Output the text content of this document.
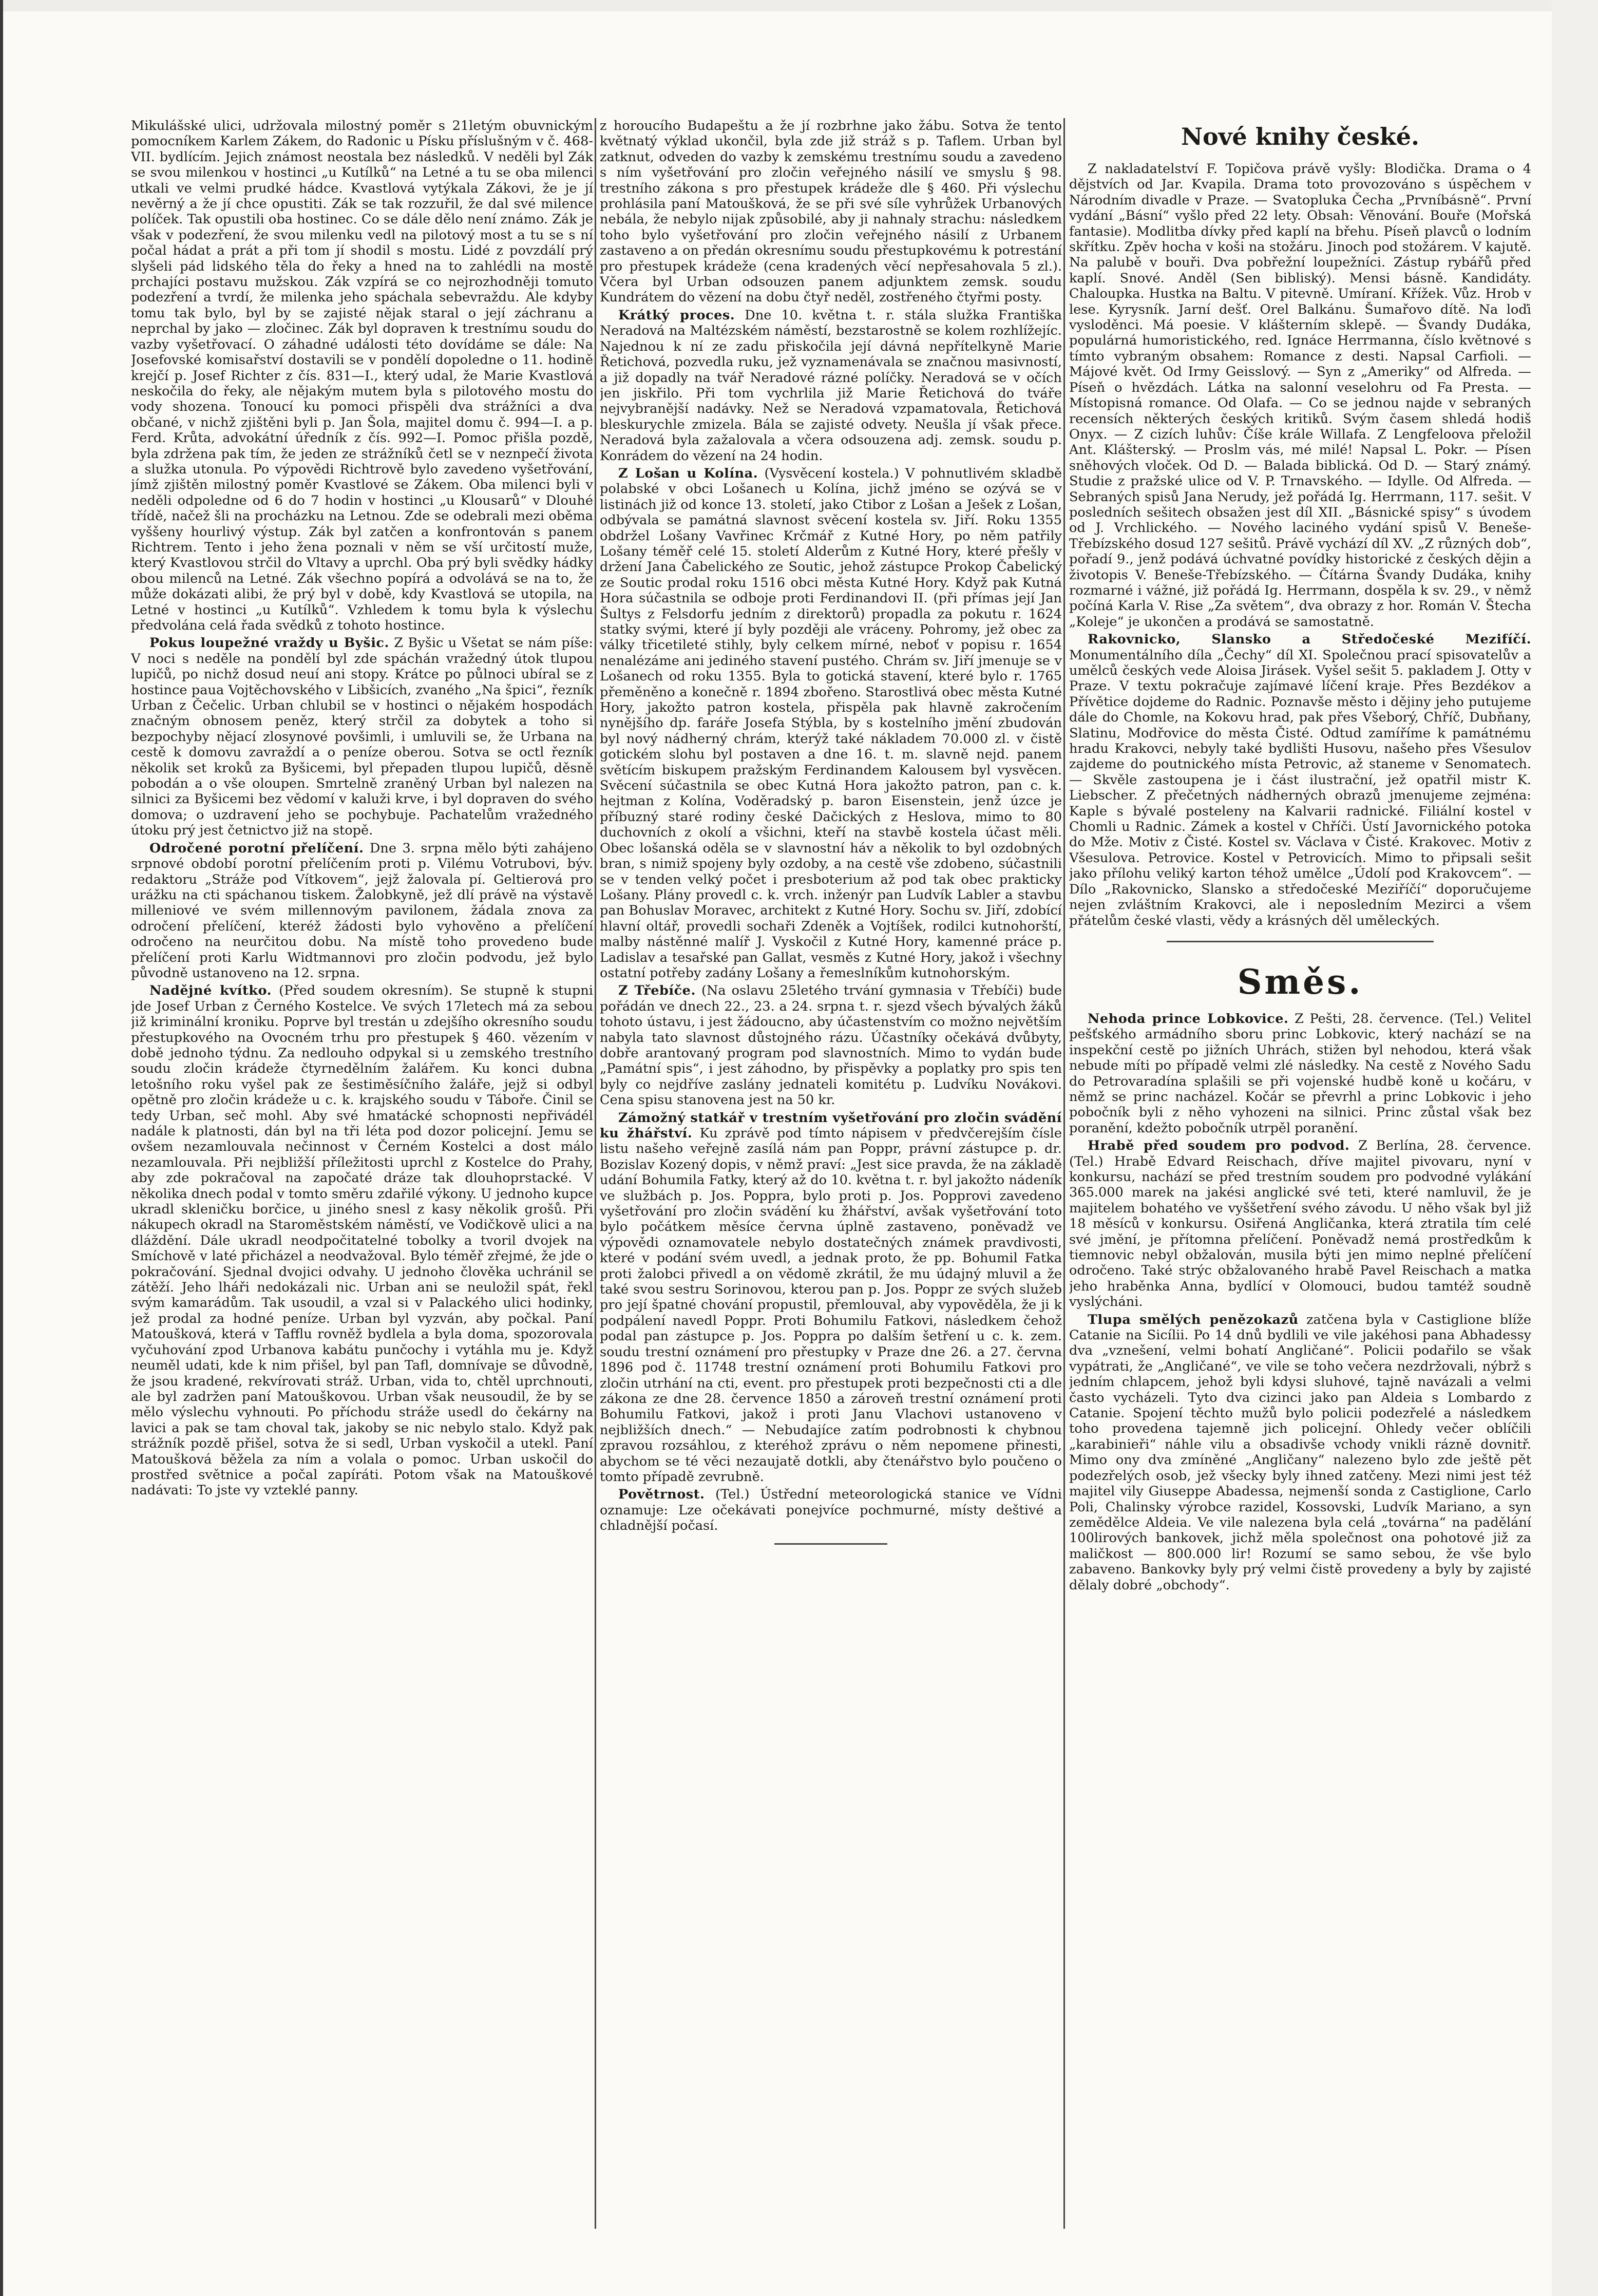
Mikulášské ulici, udržovala milostný poměr s 21letým obuvnickým pomocníkem Karlem Zákem, do Radonic u Písku příslušným v č. 468-VII. bydlícím. Jejich známost neostala bez následků. V neděli byl Zák se svou milenkou v hostinci „u Kutílků“ na Letné a tu se oba milenci utkali ve velmi prudké hádce. Kvastlová vytýkala Zákovi, že je jí nevěrný a že jí chce opustiti. Zák se tak rozzuřil, že dal své milence políček. Tak opustili oba hostinec. Co se dále dělo není známo. Zák je však v podezření, že svou milenku vedl na pilotový most a tu se s ní počal hádat a prát a při tom jí shodil s mostu. Lidé z povzdálí prý slyšeli pád lidského těla do řeky a hned na to zahlédli na mostě prchajíci postavu mužskou. Zák vzpírá se co nejrozhodněji tomuto podezření a tvrdí, že milenka jeho spáchala sebevraždu. Ale kdyby tomu tak bylo, byl by se zajisté nějak staral o její záchranu a neprchal by jako — zločinec. Zák byl dopraven k trestnímu soudu do vazby vyšetřovací. O záhadné události této dovídáme se dále: Na Josefovské komisařství dostavili se v pondělí dopoledne o 11. hodině krejčí p. Josef Richter z čís. 831—I., který udal, že Marie Kvastlová neskočila do řeky, ale nějakým mutem byla s pilotového mostu do vody shozena. Tonoucí ku pomoci přispěli dva strážníci a dva občané, v nichž zjištěni byli p. Jan Šola, majitel domu č. 994—I. a p. Ferd. Krůta, advokátní úředník z čís. 992—I. Pomoc přišla pozdě, byla zdržena pak tím, že jeden ze strážníků četl se v neznpečí života a služka utonula. Po výpovědi Richtrově bylo zavedeno vyšetřování, jímž zjištěn milostný poměr Kvastlové se Zákem. Oba milenci byli v neděli odpoledne od 6 do 7 hodin v hostinci „u Klousarů“ v Dlouhé třídě, načež šli na procházku na Letnou. Zde se odebrali mezi oběma vyššeny hourlivý výstup. Zák byl zatčen a konfrontován s panem Richtrem. Tento i jeho žena poznali v něm se vší určitostí muže, který Kvastlovou strčil do Vltavy a uprchl. Oba prý byli svědky hádky obou milenců na Letné. Zák všechno popírá a odvolává se na to, že může dokázati alibi, že prý byl v době, kdy Kvastlová se utopila, na Letné v hostinci „u Kutílků“. Vzhledem k tomu byla k výslechu předvolána celá řada svědků z tohoto hostince.

Pokus loupežné vraždy u Byšic. Z Byšic u Všetat se nám píše: V noci s neděle na pondělí byl zde spáchán vražedný útok tlupou lupičů, po nichž dosud neuí ani stopy. Krátce po půlnoci ubíral se z hostince paua Vojtěchovského v Libšicích, zvaného „Na špici“, řezník Urban z Čečelic. Urban chlubil se v hostinci o nějakém hospodách značným obnosem peněz, který strčil za dobytek a toho si bezpochyby nějací zlosynové povšimli, i umluvili se, že Urbana na cestě k domovu zavraždí a o peníze oberou. Sotva se octl řezník několik set kroků za Byšicemi, byl přepaden tlupou lupičů, děsně pobodán a o vše oloupen. Smrtelně zraněný Urban byl nalezen na silnici za Byšicemi bez vědomí v kaluži krve, i byl dopraven do svého domova; o uzdravení jeho se pochybuje. Pachatelům vražedného útoku prý jest četnictvo již na stopě.

Odročené porotní přelíčení. Dne 3. srpna mělo býti zahájeno srpnové období porotní přelíčením proti p. Vilému Votrubovi, býv. redaktoru „Stráže pod Vítkovem“, jejž žalovala pí. Geltierová pro urážku na cti spáchanou tiskem. Žalobkyně, jež dlí právě na výstavě milleniové ve svém millennovým pavilonem, žádala znova za odročení přelíčení, kteréž žádosti bylo vyhověno a přelíčení odročeno na neurčitou dobu. Na místě toho provedeno bude přelíčení proti Karlu Widtmannovi pro zločin podvodu, jež bylo původně ustanoveno na 12. srpna.

Nadějné kvítko. (Před soudem okresním). Se stupně k stupni jde Josef Urban z Černého Kostelce. Ve svých 17letech má za sebou již kriminální kroniku. Poprve byl trestán u zdejšího okresního soudu přestupkového na Ovocném trhu pro přestupek § 460. vězením v době jednoho týdnu. Za nedlouho odpykal si u zemského trestního soudu zločin krádeže čtyrnedělním žalářem. Ku konci dubna letošního roku vyšel pak ze šestiměsíčního žaláře, jejž si odbyl opětně pro zločin krádeže u c. k. krajského soudu v Táboře. Činil se tedy Urban, seč mohl. Aby své hmatácké schopnosti nepřivádél nadále k platnosti, dán byl na tři léta pod dozor policejní. Jemu se ovšem nezamlouvala nečinnost v Černém Kostelci a dost málo nezamlouvala. Při nejbližší příležitosti uprchl z Kostelce do Prahy, aby zde pokračoval na započaté dráze tak dlouhoprstacké. V několika dnech podal v tomto směru zdařilé výkony. U jednoho kupce ukradl skleničku borčice, u jiného snesl z kasy několik grošů. Při nákupech okradl na Staroměstském náměstí, ve Vodičkově ulici a na dláždění. Dále ukradl neodpočitatelné tobolky a tvoril dvojek na Smíchově v laté přicházel a neodvažoval. Bylo téměř zřejmé, že jde o pokračování. Sjednal dvojici odvahy. U jednoho člověka uchránil se zátěží. Jeho lháři nedokázali nic. Urban ani se neuložil spát, řekl svým kamarádům. Tak usoudil, a vzal si v Palackého ulici hodinky, jež prodal za hodné peníze. Urban byl vyzván, aby počkal. Paní Matoušková, která v Tafflu rovněž bydlela a byla doma, spozorovala vyčuhování zpod Urbanova kabátu punčochy i vytáhla mu je. Když neuměl udati, kde k nim přišel, byl pan Tafl, domnívaje se důvodně, že jsou kradené, rekvírovati stráž. Urban, vida to, chtěl uprchnouti, ale byl zadržen paní Matouškovou. Urban však neusoudil, že by se mělo výslechu vyhnouti. Po příchodu stráže usedl do čekárny na lavici a pak se tam choval tak, jakoby se nic nebylo stalo. Když pak strážník pozdě přišel, sotva že si sedl, Urban vyskočil a utekl. Paní Matoušková běžela za ním a volala o pomoc. Urban uskočil do prostřed světnice a počal zapíráti. Potom však na Matouškové nadávati: To jste vy vzteklé panny.

z horoucího Budapeštu a že jí rozbrhne jako žábu. Sotva že tento květnatý výklad ukončil, byla zde již stráž s p. Taflem. Urban byl zatknut, odveden do vazby k zemskému trestnímu soudu a zavedeno s ním vyšetřování pro zločin veřejného násilí ve smyslu § 98. trestního zákona s pro přestupek krádeže dle § 460. Při výslechu prohlásila paní Matoušková, že se při své síle vyhrůžek Urbanových nebála, že nebylo nijak způsobilé, aby ji nahnaly strachu: následkem toho bylo vyšetřování pro zločin veřejného násilí z Urbanem zastaveno a on předán okresnímu soudu přestupkovému k potrestání pro přestupek krádeže (cena kradených věcí nepřesahovala 5 zl.). Včera byl Urban odsouzen panem adjunktem zemsk. soudu Kundrátem do vězení na dobu čtyř neděl, zostřeného čtyřmi posty.

Krátký proces. Dne 10. května t. r. stála služka Františka Neradová na Maltézském náměstí, bezstarostně se kolem rozhlížejíc. Najednou k ní ze zadu přiskočila její dávná nepřítelkyně Marie Řetichová, pozvedla ruku, jež vyznamenávala se značnou masivností, a již dopadly na tvář Neradové rázné políčky. Neradová se v očích jen jiskřilo. Při tom vychrlila již Marie Řetichová do tváře nejvybranější nadávky. Než se Neradová vzpamatovala, Řetichová bleskurychle zmizela. Bála se zajisté odvety. Neušla jí však přece. Neradová byla zažalovala a včera odsouzena adj. zemsk. soudu p. Konrádem do vězení na 24 hodin.

Z Lošan u Kolína. (Vysvěcení kostela.) V pohnutlivém skladbě polabské v obci Lošanech u Kolína, jichž jméno se ozývá se v listinách již od konce 13. století, jako Ctibor z Lošan a Ješek z Lošan, odbývala se památná slavnost svěcení kostela sv. Jiří. Roku 1355 obdržel Lošany Vavřinec Krčmář z Kutné Hory, po něm patřily Lošany téměř celé 15. století Alderům z Kutné Hory, které přešly v držení Jana Čabelického ze Soutic, jehož zástupce Prokop Čabelický ze Soutic prodal roku 1516 obci města Kutné Hory. Když pak Kutná Hora súčastnila se odboje proti Ferdinandovi II. (při přímas její Jan Šultys z Felsdorfu jedním z direktorů) propadla za pokutu r. 1624 statky svými, které jí byly později ale vráceny. Pohromy, jež obec za války třicetileté stihly, byly celkem mírné, neboť v popisu r. 1654 nenalézáme ani jediného stavení pustého. Chrám sv. Jiří jmenuje se v Lošanech od roku 1355. Byla to gotická stavení, které bylo r. 1765 přeměněno a konečně r. 1894 zbořeno. Starostlivá obec města Kutné Hory, jakožto patron kostela, přispěla pak hlavně zakročením nynějšího dp. faráře Josefa Stýbla, by s kostelního jmění zbudován byl nový nádherný chrám, kterýž také nákladem 70.000 zl. v čistě gotickém slohu byl postaven a dne 16. t. m. slavně nejd. panem světícím biskupem pražským Ferdinandem Kalousem byl vysvěcen. Svěcení súčastnila se obec Kutná Hora jakožto patron, pan c. k. hejtman z Kolína, Voděradský p. baron Eisenstein, jenž úzce je příbuzný staré rodiny české Dačických z Heslova, mimo to 80 duchovních z okolí a všichni, kteří na stavbě kostela účast měli. Obec lošanská oděla se v slavnostní háv a několik to byl ozdobných bran, s nimiž spojeny byly ozdoby, a na cestě vše zdobeno, súčastnili se v tenden velký počet i presboterium až pod tak obec prakticky Lošany. Plány provedl c. k. vrch. inženýr pan Ludvík Labler a stavbu pan Bohuslav Moravec, architekt z Kutné Hory. Sochu sv. Jiří, zdobící hlavní oltář, provedli sochaři Zdeněk a Vojtíšek, rodilci kutnohorští, malby nástěnné malíř J. Vyskočil z Kutné Hory, kamenné práce p. Ladislav a tesařské pan Gallat, vesměs z Kutné Hory, jakož i všechny ostatní potřeby zadány Lošany a řemeslníkům kutnohorským.

Z Třebíče. (Na oslavu 25letého trvání gymnasia v Třebíči) bude pořádán ve dnech 22., 23. a 24. srpna t. r. sjezd všech bývalých žáků tohoto ústavu, i jest žádoucno, aby účastenstvím co možno největším nabyla tato slavnost důstojného rázu. Účastníky očekává dvůbyty, dobře arantovaný program pod slavnostních. Mimo to vydán bude „Památní spis“, i jest záhodno, by přispěvky a poplatky pro spis ten byly co nejdříve zaslány jednateli komitétu p. Ludvíku Novákovi. Cena spisu stanovena jest na 50 kr.

Zámožný statkář v trestním vyšetřování pro zločin svádění ku žhářství. Ku zprávě pod tímto nápisem v předvčerejším čísle listu našeho veřejně zasílá nám pan Poppr, právní zástupce p. dr. Bozislav Kozený dopis, v němž praví: „Jest sice pravda, že na základě udání Bohumila Fatky, který až do 10. května t. r. byl jakožto nádeník ve službách p. Jos. Poppra, bylo proti p. Jos. Popprovi zavedeno vyšetřování pro zločin svádění ku žhářství, avšak vyšetřování toto bylo počátkem měsíce června úplně zastaveno, poněvadž ve výpovědi oznamovatele nebylo dostatečných známek pravdivosti, které v podání svém uvedl, a jednak proto, že pp. Bohumil Fatka proti žalobci přivedl a on vědomě zkrátil, že mu údajný mluvil a že také svou sestru Sorinovou, kterou pan p. Jos. Poppr ze svých služeb pro její špatné chování propustil, přemlouval, aby vypověděla, že ji k podpálení navedl Poppr. Proti Bohumilu Fatkovi, následkem čehož podal pan zástupce p. Jos. Poppra po dalším šetření u c. k. zem. soudu trestní oznámení pro přestupky v Praze dne 26. a 27. června 1896 pod č. 11748 trestní oznámení proti Bohumilu Fatkovi pro zločin utrhání na cti, event. pro přestupek proti bezpečnosti cti a dle zákona ze dne 28. července 1850 a zároveň trestní oznámení proti Bohumilu Fatkovi, jakož i proti Janu Vlachovi ustanoveno v nejbližších dnech.“ — Nebudajíce zatím podrobnosti k chybnou zpravou rozsáhlou, z kteréhož zprávu o něm nepomene přinesti, abychom se té věci nezaujatě dotkli, aby čtenářstvo bylo poučeno o tomto případě zevrubně.

Povětrnost. (Tel.) Ústřední meteorologická stanice ve Vídni oznamuje: Lze očekávati ponejvíce pochmurné, místy deštivé a chladnější počasí.

Nové knihy české.

Z nakladatelství F. Topičova právě vyšly: Blodička. Drama o 4 dějstvích od Jar. Kvapila. Drama toto provozováno s úspěchem v Národním divadle v Praze. — Svatopluka Čecha „Prvníbásně“. První vydání „Básní“ vyšlo před 22 lety. Obsah: Věnování. Bouře (Mořská fantasie). Modlitba dívky před kaplí na břehu. Píseň plavců o lodním skřítku. Zpěv hocha v koši na stožáru. Jinoch pod stožárem. V kajutě. Na palubě v bouři. Dva pobřežní loupežníci. Zástup rybářů před kaplí. Snové. Anděl (Sen bibliský). Mensi básně. Kandidáty. Chaloupka. Hustka na Baltu. V pitevně. Umíraní. Křížek. Vůz. Hrob v lese. Kyrysník. Jarní dešť. Orel Balkánu. Šumařovo dítě. Na loďi vysloděnci. Má poesie. V klášterním sklepě. — Švandy Dudáka, populárná humoristického, red. Ignáce Herrmanna, číslo květnové s tímto vybraným obsahem: Romance z desti. Napsal Carfioli. — Májové květ. Od Irmy Geisslový. — Syn z „Ameriky“ od Alfreda. — Píseň o hvězdách. Látka na salonní veselohru od Fa Presta. — Místopisná romance. Od Olafa. — Co se jednou najde v sebraných recensích některých českých kritiků. Svým časem shledá hodiš Onyx. — Z cizích luhův: Číše krále Willafa. Z Lengfeloova přeložil Ant. Klášterský. — Proslm vás, mé milé! Napsal L. Pokr. — Písen sněhových vloček. Od D. — Balada biblická. Od D. — Starý známý. Studie z pražské ulice od V. P. Trnavského. — Idylle. Od Alfreda. — Sebraných spisů Jana Nerudy, jež pořádá Ig. Herrmann, 117. sešit. V posledních sešitech obsažen jest díl XII. „Básnické spisy“ s úvodem od J. Vrchlického. — Nového laciného vydání spisů V. Beneše-Třebízského dosud 127 sešitů. Právě vychází díl XV. „Z různých dob“, pořadí 9., jenž podává úchvatné povídky historické z českých dějin a životopis V. Beneše-Třebízského. — Čítárna Švandy Dudáka, knihy rozmarné i vážné, již pořádá Ig. Herrmann, dospěla k sv. 29., v němž počíná Karla V. Rise „Za světem“, dva obrazy z hor. Román V. Štecha „Koleje“ je ukončen a prodává se samostatně.

Rakovnicko, Slansko a Středočeské Mezifíčí. Monumentálního díla „Čechy“ díl XI. Společnou prací spisovatelův a umělců českých vede Aloisa Jirásek. Vyšel sešit 5. pakladem J. Otty v Praze. V textu pokračuje zajímavé líčení kraje. Přes Bezdékov a Přívětice dojdeme do Radnic. Poznavše město i dějiny jeho putujeme dále do Chomle, na Kokovu hrad, pak přes Všeborý, Chříč, Dubňany, Slatinu, Modřovice do města Čisté. Odtud zamíříme k památnému hradu Krakovci, nebyly také bydlišti Husovu, našeho přes Všesulov zajdeme do poutnického místa Petrovic, až staneme v Senomatech. — Skvěle zastoupena je i část ilustrační, jež opatřil mistr K. Liebscher. Z přečetných nádherných obrazů jmenujeme zejména: Kaple s bývalé posteleny na Kalvarii radnické. Filiální kostel v Chomli u Radnic. Zámek a kostel v Chříči. Ústí Javornického potoka do Mže. Motiv z Čisté. Kostel sv. Václava v Čisté. Krakovec. Motiv z Všesulova. Petrovice. Kostel v Petrovicích. Mimo to připsali sešit jako přílohu veliký karton téhož umělce „Údolí pod Krakovcem“. — Dílo „Rakovnicko, Slansko a středočeské Meziříčí“ doporučujeme nejen zvláštním Krakovci, ale i neposledním Mezirci a všem přátelům české vlasti, vědy a krásných děl uměleckých.

Směs.

Nehoda prince Lobkovice. Z Pešti, 28. července. (Tel.) Velitel pešťského armádního sboru princ Lobkovic, který nachází se na inspekční cestě po jižních Uhrách, stižen byl nehodou, která však nebude míti po případě velmi zlé následky. Na cestě z Nového Sadu do Petrovaradína splašili se při vojenské hudbě koně u kočáru, v němž se princ nacházel. Kočár se převrhl a princ Lobkovic i jeho pobočník byli z něho vyhozeni na silnici. Princ zůstal však bez poranění, kdežto pobočník utrpěl poranění.

Hrabě před soudem pro podvod. Z Berlína, 28. července. (Tel.) Hrabě Edvard Reischach, dříve majitel pivovaru, nyní v konkursu, nachází se před trestním soudem pro podvodné vylákání 365.000 marek na jakési anglické své teti, které namluvil, že je majitelem bohatého ve vyššetření svého závodu. U něho však byl již 18 měsíců v konkursu. Osiřená Angličanka, která ztratila tím celé své jmění, je přítomna přelíčení. Poněvadž nemá prostředkům k tiemnovic nebyl obžalován, musila býti jen mimo neplné přelíčení odročeno. Také strýc obžalovaného hrabě Pavel Reischach a matka jeho hraběnka Anna, bydlící v Olomouci, budou tamtéž soudně vyslýcháni.

Tlupa smělých penězokazů zatčena byla v Castiglione blíže Catanie na Sicílii. Po 14 dnů bydlili ve vile jakéhosi pana Abhadessy dva „vznešení, velmi bohatí Angličané“. Policii podařilo se však vypátrati, že „Angličané“, ve vile se toho večera nezdržovali, nýbrž s jedním chlapcem, jehož byli kdysi sluhové, tajně navázali a velmi často vycházeli. Tyto dva cizinci jako pan Aldeia s Lombardo z Catanie. Spojení těchto mužů bylo policii podezřelé a následkem toho provedena tajemně jich policejní. Ohledy večer oblíčili „karabinieři“ náhle vilu a obsadivše vchody vnikli rázně dovnitř. Mimo ony dva zmíněné „Angličany“ nalezeno bylo zde ještě pět podezřelých osob, jež všecky byly ihned zatčeny. Mezi nimi jest též majitel vily Giuseppe Abadessa, nejmenší sonda z Castiglione, Carlo Poli, Chalinsky výrobce razidel, Kossovski, Ludvík Mariano, a syn zemědělce Aldeia. Ve vile nalezena byla celá „továrna“ na padělání 100lirových bankovek, jichž měla společnost ona pohotové již za maličkost — 800.000 lir! Rozumí se samo sebou, že vše bylo zabaveno. Bankovky byly prý velmi čistě provedeny a byly by zajisté dělaly dobré „obchody“.
